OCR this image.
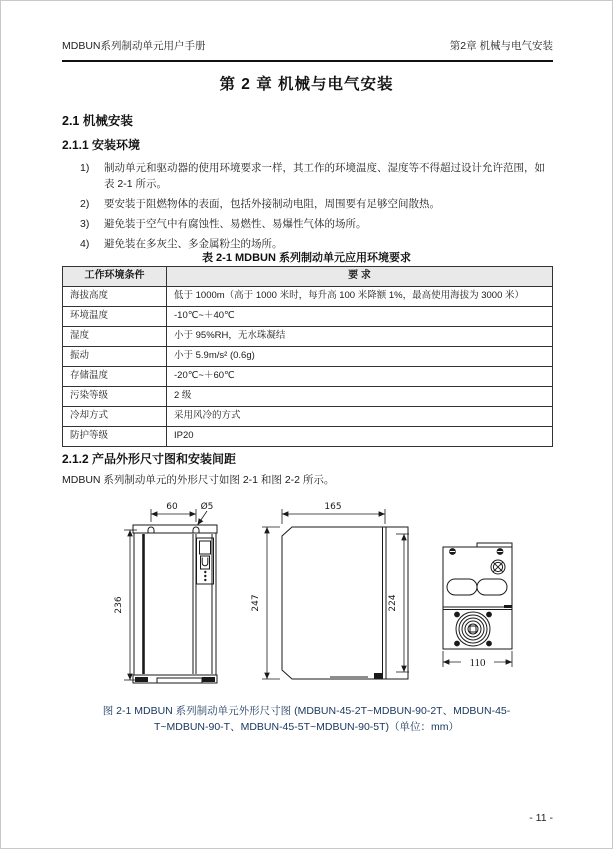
MDBUN系列制动单元用户手册	第2章 机械与电气安装
第 2 章 机械与电气安装
2.1 机械安装
2.1.1 安装环境
1)	制动单元和驱动器的使用环境要求一样，其工作的环境温度、湿度等不得超过设计允许范围，如表 2-1 所示。
2)	要安装于阻燃物体的表面，包括外接制动电阻，周围要有足够空间散热。
3)	避免装于空气中有腐蚀性、易燃性、易爆性气体的场所。
4)	避免装在多灰尘、多金属粉尘的场所。
表 2-1 MDBUN 系列制动单元应用环境要求
工作环境条件	要 求
海拔高度	低于 1000m（高于 1000 米时，每升高 100 米降额 1%，最高使用海拔为 3000 米）
环境温度	-10℃~＋40℃
湿度	小于 95%RH，无水珠凝结
振动	小于 5.9m/s² (0.6g)
存储温度	-20℃~＋60℃
污染等级	2 级
冷却方式	采用风冷的方式
防护等级	IP20
2.1.2 产品外形尺寸图和安装间距
MDBUN 系列制动单元的外形尺寸如图 2-1 和图 2-2 所示。
60	Ø5
236
165
247	224
110
图 2-1 MDBUN 系列制动单元外形尺寸图 (MDBUN-45-2T~MDBUN-90-2T、MDBUN-45-
T~MDBUN-90-T、MDBUN-45-5T~MDBUN-90-5T)（单位：mm）
- 11 -
